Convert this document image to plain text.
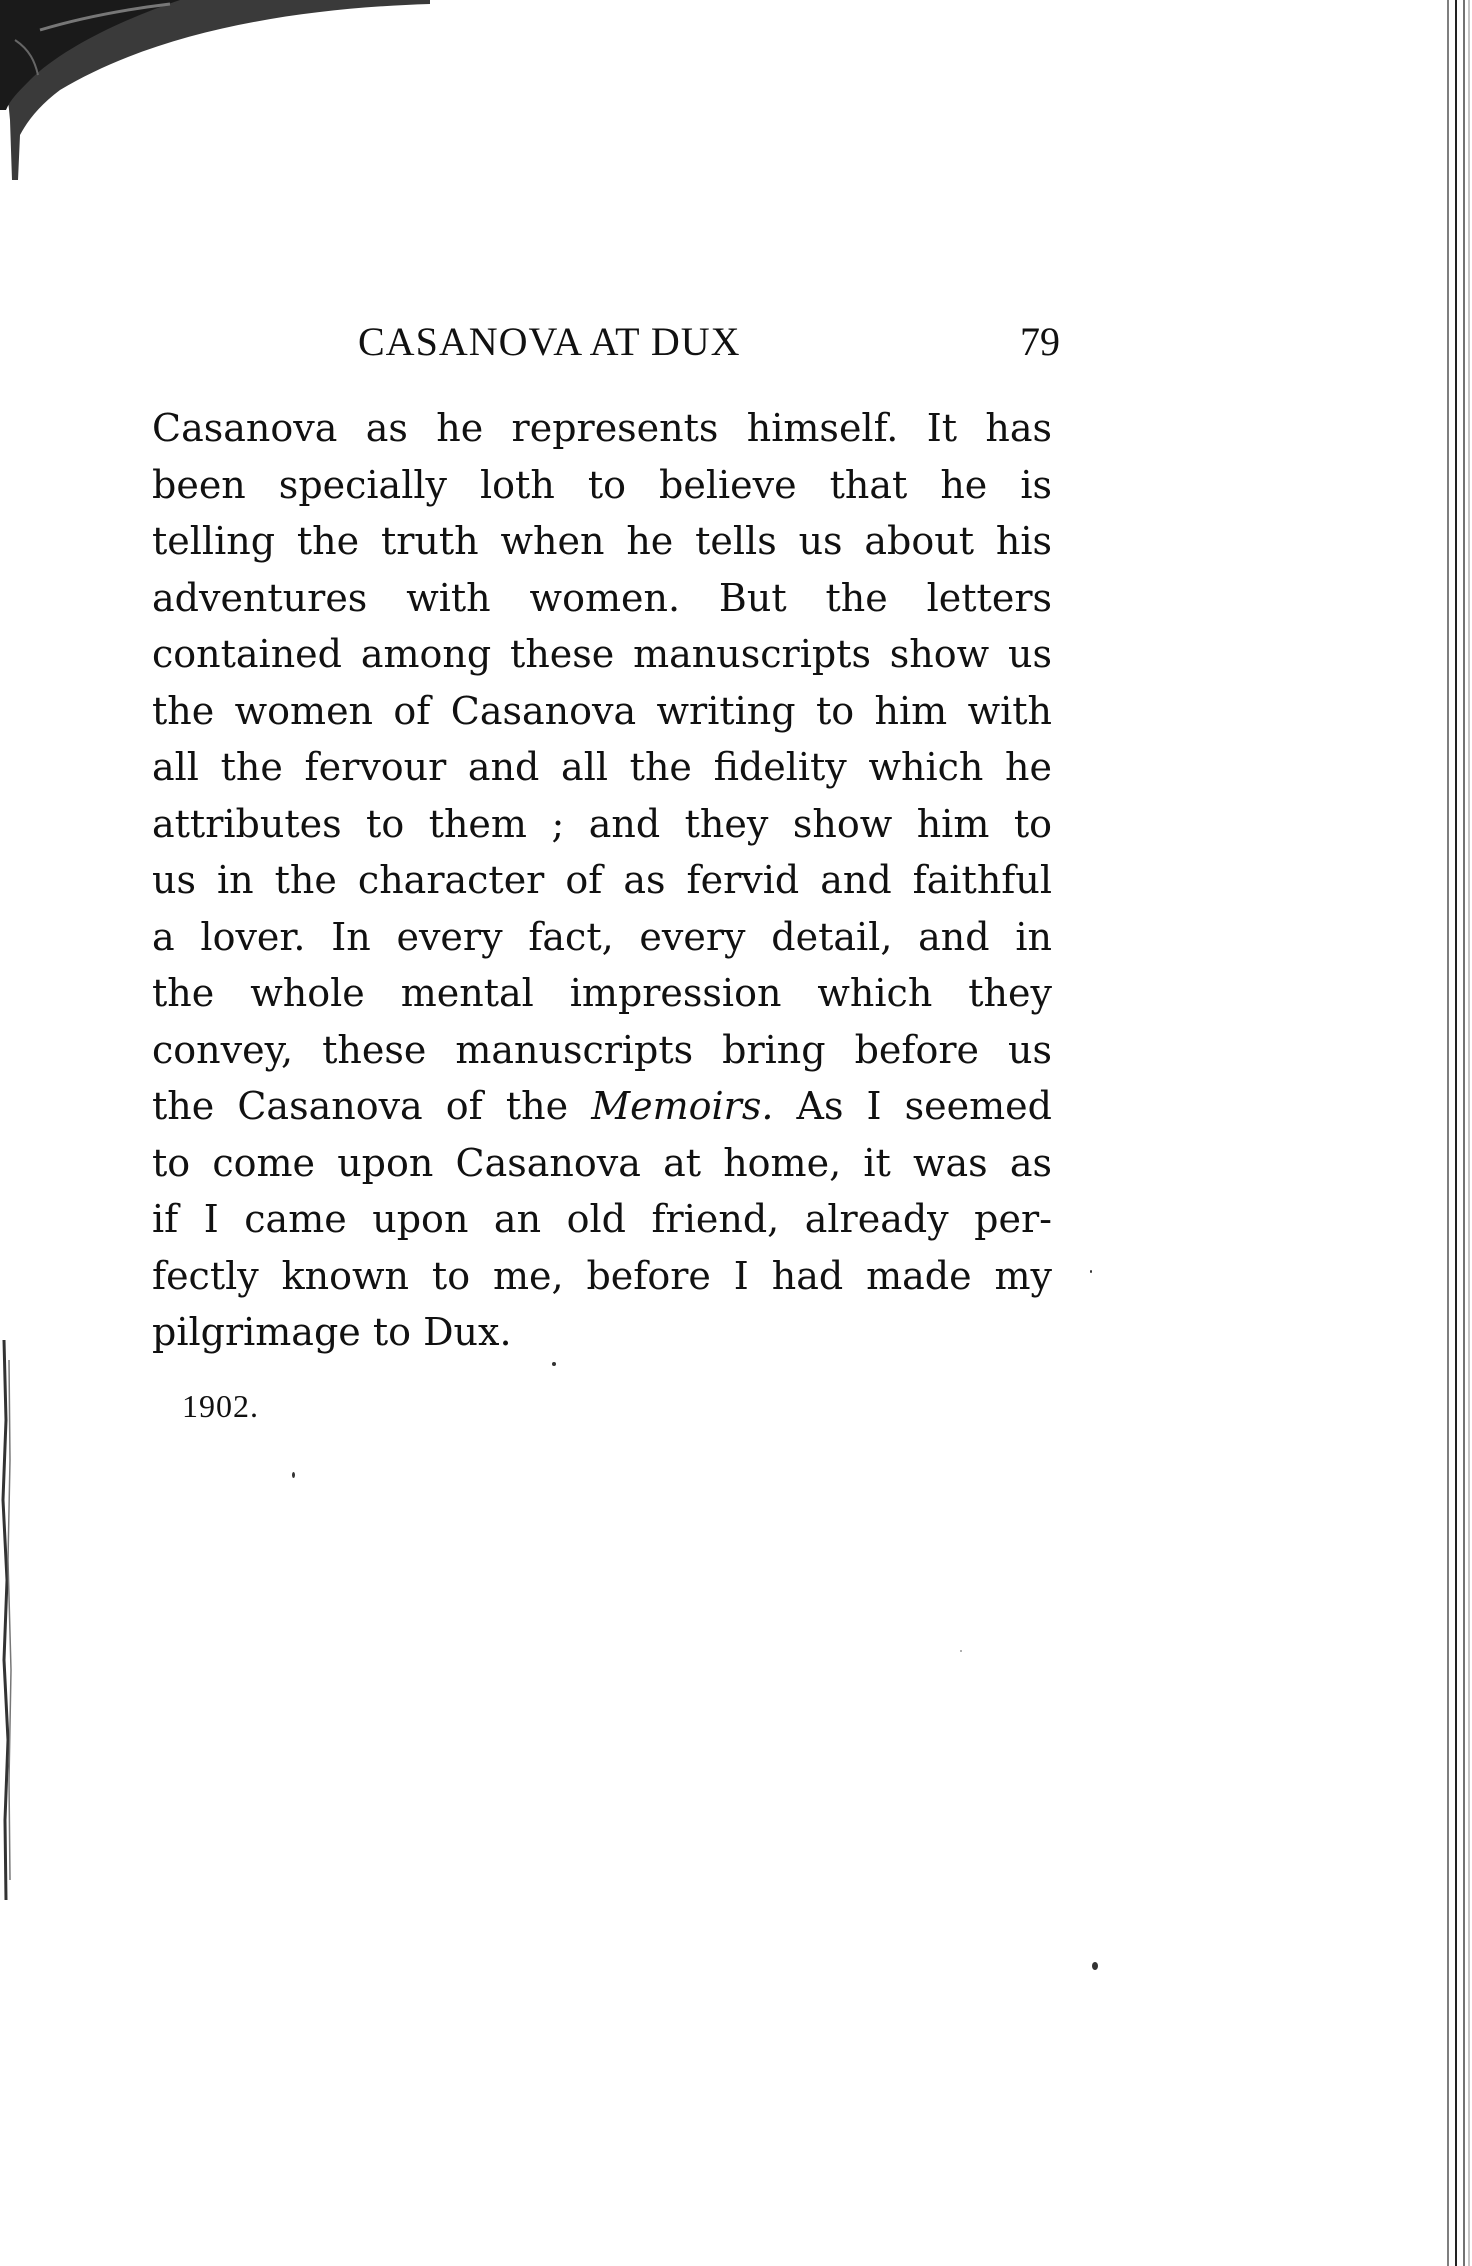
CASANOVA AT DUX	79
Casanova as he represents himself. It has
been specially loth to believe that he is
telling the truth when he tells us about his
adventures with women. But the letters
contained among these manuscripts show us
the women of Casanova writing to him with
all the fervour and all the fidelity which he
attributes to them ; and they show him to
us in the character of as fervid and faithful
a lover. In every fact, every detail, and in
the whole mental impression which they
convey, these manuscripts bring before us
the Casanova of the Memoirs. As I seemed
to come upon Casanova at home, it was as
if I came upon an old friend, already per-
fectly known to me, before I had made my
pilgrimage to Dux.
1902.
